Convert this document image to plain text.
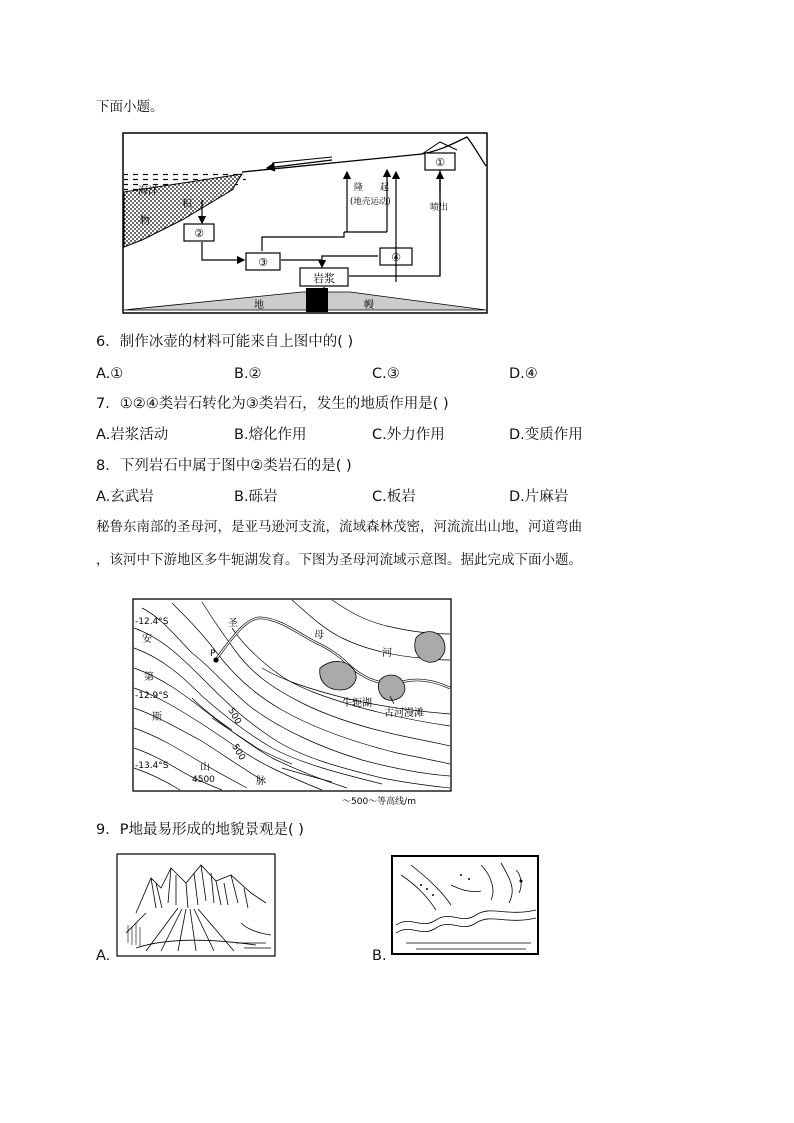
下面小题。
海洋
积
物
①
②
③	④
岩浆
隆 起
(地壳运动)
喷出
地	幔
6．制作冰壶的材料可能来自上图中的( )
A.①	B.②	C.③	D.④
7．①②④类岩石转化为③类岩石，发生的地质作用是( )
A.岩浆活动	B.熔化作用	C.外力作用	D.变质作用
8．下列岩石中属于图中②类岩石的是( )
A.玄武岩	B.砾岩	C.板岩	D.片麻岩
秘鲁东南部的圣母河，是亚马逊河支流，流域森林茂密，河流流出山地，河道弯曲
，该河中下游地区多牛轭湖发育。下图为圣母河流域示意图。据此完成下面小题。
P
-12.4°S
-12.9°S
-13.4°S
安
第
斯
山
脉
圣
母
河
牛轭湖
古河漫滩
500
500
4500
～500～等高线/m
9．P地最易形成的地貌景观是( )
A.	B.
